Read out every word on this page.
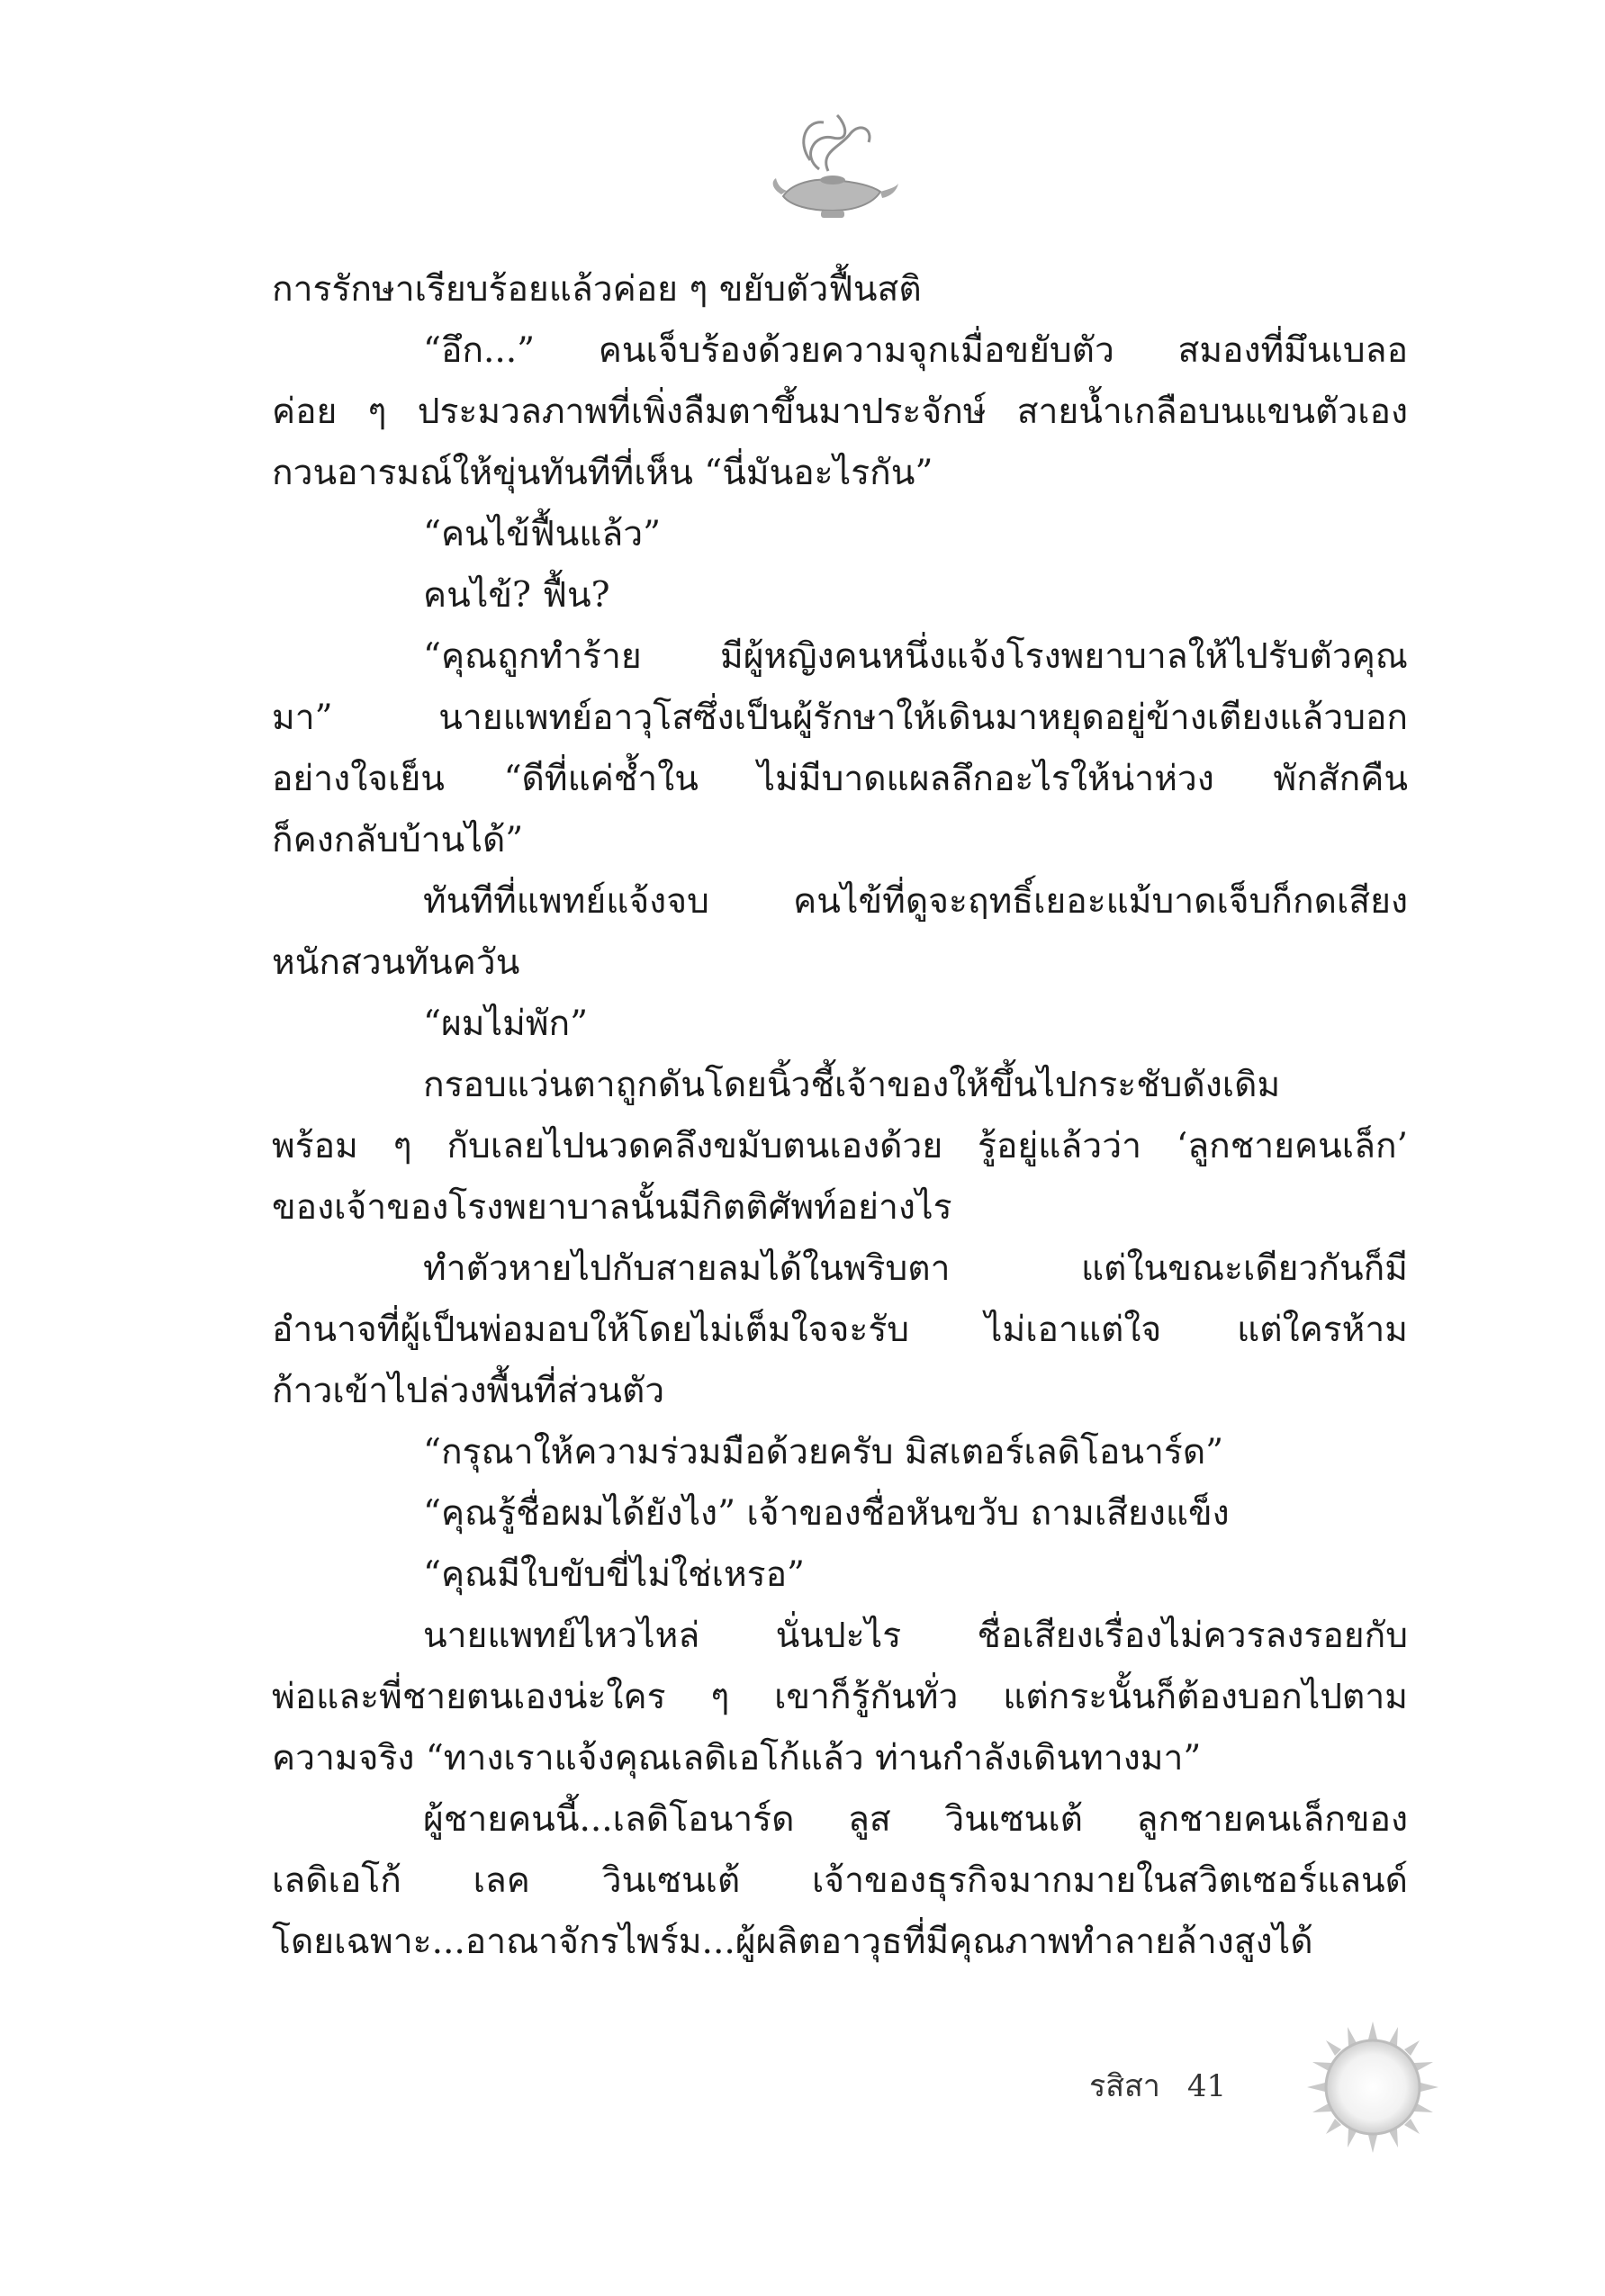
การรักษาเรียบร้อยแล้วค่อย ๆ ขยับตัวฟื้นสติ
“อึก...” คนเจ็บร้องด้วยความจุกเมื่อขยับตัว สมองที่มึนเบลอ
ค่อย ๆ ประมวลภาพที่เพิ่งลืมตาขึ้นมาประจักษ์ สายน้ำเกลือบนแขนตัวเอง
กวนอารมณ์ให้ขุ่นทันทีที่เห็น “นี่มันอะไรกัน”
“คนไข้ฟื้นแล้ว”
คนไข้? ฟื้น?
“คุณถูกทำร้าย มีผู้หญิงคนหนึ่งแจ้งโรงพยาบาลให้ไปรับตัวคุณ
มา” นายแพทย์อาวุโสซึ่งเป็นผู้รักษาให้เดินมาหยุดอยู่ข้างเตียงแล้วบอก
อย่างใจเย็น “ดีที่แค่ช้ำใน ไม่มีบาดแผลลึกอะไรให้น่าห่วง พักสักคืน
ก็คงกลับบ้านได้”
ทันทีที่แพทย์แจ้งจบ คนไข้ที่ดูจะฤทธิ์เยอะแม้บาดเจ็บก็กดเสียง
หนักสวนทันควัน
“ผมไม่พัก”
กรอบแว่นตาถูกดันโดยนิ้วชี้เจ้าของให้ขึ้นไปกระชับดังเดิม
พร้อม ๆ กับเลยไปนวดคลึงขมับตนเองด้วย รู้อยู่แล้วว่า ‘ลูกชายคนเล็ก’
ของเจ้าของโรงพยาบาลนั้นมีกิตติศัพท์อย่างไร
ทำตัวหายไปกับสายลมได้ในพริบตา แต่ในขณะเดียวกันก็มี
อำนาจที่ผู้เป็นพ่อมอบให้โดยไม่เต็มใจจะรับ ไม่เอาแต่ใจ แต่ใครห้าม
ก้าวเข้าไปล่วงพื้นที่ส่วนตัว
“กรุณาให้ความร่วมมือด้วยครับ มิสเตอร์เลดิโอนาร์ด”
“คุณรู้ชื่อผมได้ยังไง” เจ้าของชื่อหันขวับ ถามเสียงแข็ง
“คุณมีใบขับขี่ไม่ใช่เหรอ”
นายแพทย์ไหวไหล่ นั่นปะไร ชื่อเสียงเรื่องไม่ควรลงรอยกับ
พ่อและพี่ชายตนเองน่ะใคร ๆ เขาก็รู้กันทั่ว แต่กระนั้นก็ต้องบอกไปตาม
ความจริง “ทางเราแจ้งคุณเลดิเอโก้แล้ว ท่านกำลังเดินทางมา”
ผู้ชายคนนี้...เลดิโอนาร์ด ลูส วินเซนเต้ ลูกชายคนเล็กของ
เลดิเอโก้ เลค วินเซนเต้ เจ้าของธุรกิจมากมายในสวิตเซอร์แลนด์
โดยเฉพาะ...อาณาจักรไพร์ม...ผู้ผลิตอาวุธที่มีคุณภาพทำลายล้างสูงได้
รสิสา 41
